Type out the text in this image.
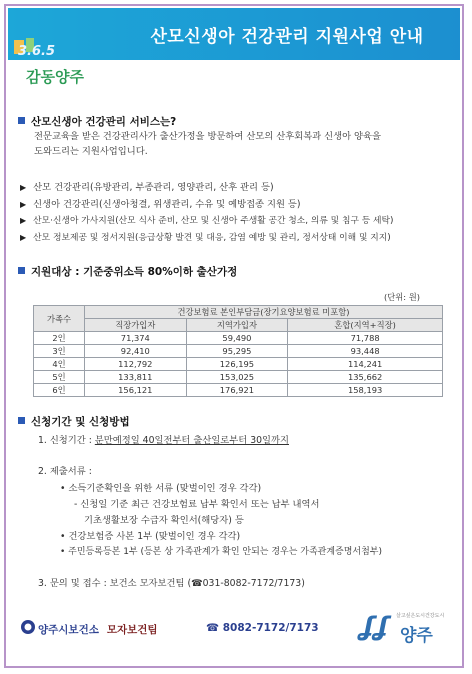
산모신생아 건강관리 지원사업 안내
3.6.5
감동양주
산모신생아 건강관리 서비스는?
전문교육을 받은 건강관리사가 출산가정을 방문하여 산모의 산후회복과 신생아 양육을
도와드리는 지원사업입니다.
▶ 산모 건강관리(유방관리, 부종관리, 영양관리, 산후 관리 등)
▶ 신생아 건강관리(신생아청결, 위생관리, 수유 및 예방접종 지원 등)
▶ 산모·신생아 가사지원(산모 식사 준비, 산모 및 신생아 주생활 공간 청소, 의류 및 침구 등 세탁)
▶ 산모 정보제공 및 정서지원(응급상황 발견 및 대응, 감염 예방 및 관리, 정서상태 이해 및 지지)
지원대상 : 기준중위소득 80%이하 출산가정
(단위: 원)
가족수	건강보험료 본인부담금(장기요양보험료 미포함)		
	직장가입자	지역가입자	혼합(지역+직장)
2인	71,374	59,490	71,788
3인	92,410	95,295	93,448
4인	112,792	126,195	114,241
5인	133,811	153,025	135,662
6인	156,121	176,921	158,193
신청기간 및 신청방법
1. 신청기간 : 분만예정일 40일전부터 출산일로부터 30일까지
2. 제출서류 :
• 소득기준확인을 위한 서류 (맞벌이인 경우 각각)
- 신청일 기준 최근 건강보험료 납부 확인서 또는 납부 내역서
기초생활보장 수급자 확인서(해당자) 등
• 건강보험증 사본 1부 (맞벌이인 경우 각각)
• 주민등록등본 1부 (등본 상 가족관계가 확인 안되는 경우는 가족관계증명서첨부)
3. 문의 및 접수 : 보건소 모자보건팀 (☎031-8082-7172/7173)
양주시보건소 모자보건팀	☎ 8082-7172/7173 ʆʆ 살고싶은도시건강도시
양주
